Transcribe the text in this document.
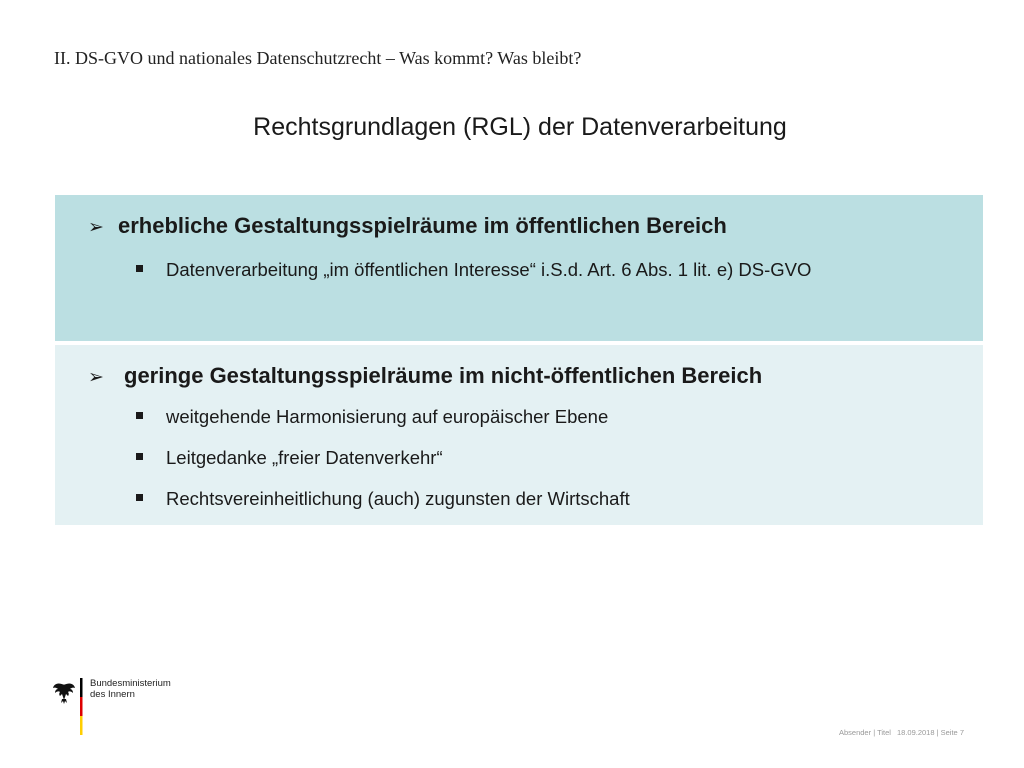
II. DS-GVO und nationales Datenschutzrecht – Was kommt? Was bleibt?
Rechtsgrundlagen (RGL) der Datenverarbeitung
➢ erhebliche Gestaltungsspielräume im öffentlichen Bereich
Datenverarbeitung „im öffentlichen Interesse“ i.S.d. Art. 6 Abs. 1 lit. e) DS-GVO
➢ geringe Gestaltungsspielräume im nicht-öffentlichen Bereich
weitgehende Harmonisierung auf europäischer Ebene
Leitgedanke „freier Datenverkehr“
Rechtsvereinheitlichung (auch) zugunsten der Wirtschaft
Bundesministerium
des Innern
Absender | Titel 18.09.2018 | Seite 7
